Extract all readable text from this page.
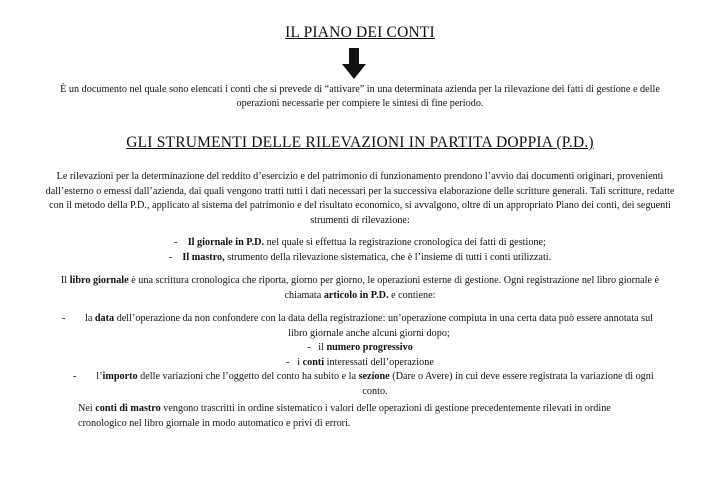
IL PIANO DEI CONTI
È un documento nel quale sono elencati i conti che si prevede di “attivare” in una determinata azienda per la rilevazione dei fatti di gestione e delle operazioni necessarie per compiere le sintesi di fine periodo.
GLI STRUMENTI DELLE RILEVAZIONI IN PARTITA DOPPIA (P.D.)
Le rilevazioni per la determinazione del reddito d’esercizio e del patrimonio di funzionamento prendono l’avvio dai documenti originari, provenienti dall’esterno o emessi dall’azienda, dai quali vengono tratti tutti i dati necessari per la successiva elaborazione delle scritture generali. Tali scritture, redatte con il metodo della P.D., applicato al sistema del patrimonio e del risultato economico, si avvalgono, oltre di un appropriato Piano dei conti, dei seguenti strumenti di rilevazione:
- Il giornale in P.D. nel quale si effettua la registrazione cronologica dei fatti di gestione;
- Il mastro, strumento della rilevazione sistematica, che è l’insieme di tutti i conti utilizzati.
Il libro giornale è una scrittura cronologica che riporta, giorno per giorno, le operazioni esterne di gestione. Ogni registrazione nel libro giornale è chiamata articolo in P.D. e contiene:
-	la data dell’operazione da non confondere con la data della registrazione: un’operazione compiuta in una certa data può essere annotata sul libro giornale anche alcuni giorni dopo;
- il numero progressivo
- i conti interessati dell’operazione
-	l’importo delle variazioni che l’oggetto del conto ha subito e la sezione (Dare o Avere) in cui deve essere registrata la variazione di ogni conto.
Nei conti di mastro vengono trascritti in ordine sistematico i valori delle operazioni di gestione precedentemente rilevati in ordine cronologico nel libro giornale in modo automatico e privi di errori.
